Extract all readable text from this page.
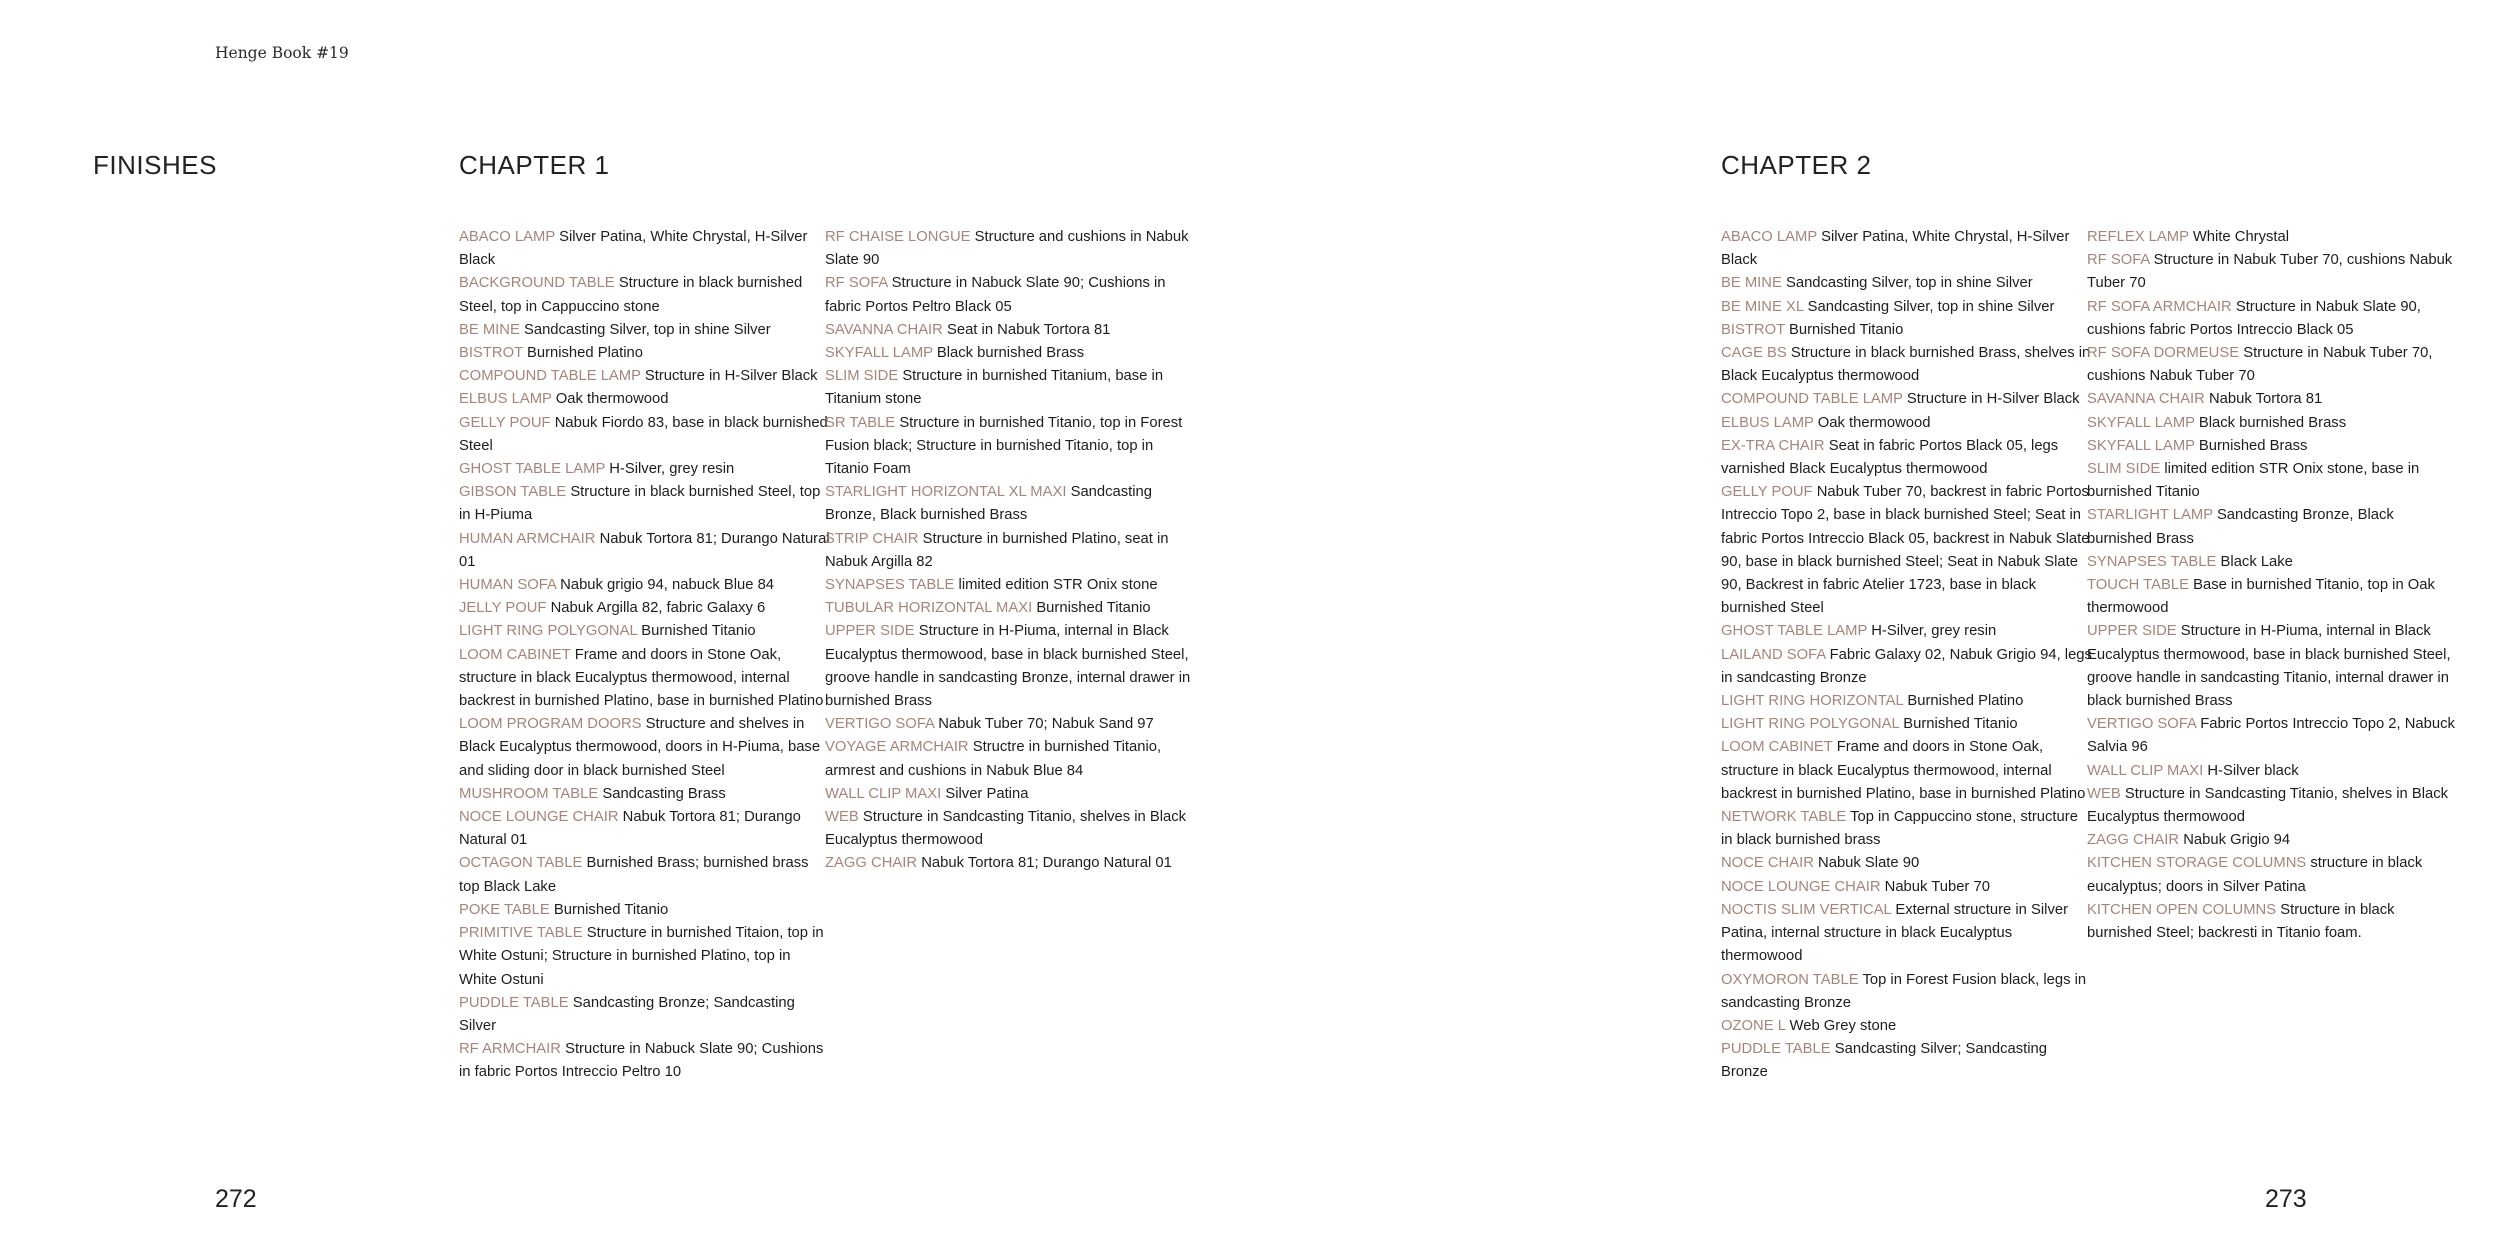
Henge Book #19
FINISHES	CHAPTER 1	CHAPTER 2

ABACO LAMP Silver Patina, White Chrystal, H-Silver Black

BACKGROUND TABLE Structure in black burnished Steel, top in Cappuccino stone

BE MINE Sandcasting Silver, top in shine Silver

BISTROT Burnished Platino

COMPOUND TABLE LAMP Structure in H-Silver Black

ELBUS LAMP Oak thermowood

GELLY POUF Nabuk Fiordo 83, base in black burnished Steel

GHOST TABLE LAMP H-Silver, grey resin

GIBSON TABLE Structure in black burnished Steel, top in H-Piuma

HUMAN ARMCHAIR Nabuk Tortora 81; Durango Natural 01

HUMAN SOFA Nabuk grigio 94, nabuck Blue 84

JELLY POUF Nabuk Argilla 82, fabric Galaxy 6

LIGHT RING POLYGONAL Burnished Titanio

LOOM CABINET Frame and doors in Stone Oak, structure in black Eucalyptus thermowood, internal backrest in burnished Platino, base in burnished Platino

LOOM PROGRAM DOORS Structure and shelves in Black Eucalyptus thermowood, doors in H-Piuma, base and sliding door in black burnished Steel

MUSHROOM TABLE Sandcasting Brass

NOCE LOUNGE CHAIR Nabuk Tortora 81; Durango Natural 01

OCTAGON TABLE Burnished Brass; burnished brass top Black Lake

POKE TABLE Burnished Titanio

PRIMITIVE TABLE Structure in burnished Titaion, top in White Ostuni; Structure in burnished Platino, top in White Ostuni

PUDDLE TABLE Sandcasting Bronze; Sandcasting Silver

RF ARMCHAIR Structure in Nabuck Slate 90; Cushions in fabric Portos Intreccio Peltro 10

RF CHAISE LONGUE Structure and cushions in Nabuk Slate 90

RF SOFA Structure in Nabuck Slate 90; Cushions in fabric Portos Peltro Black 05

SAVANNA CHAIR Seat in Nabuk Tortora 81

SKYFALL LAMP Black burnished Brass

SLIM SIDE Structure in burnished Titanium, base in Titanium stone

SR TABLE Structure in burnished Titanio, top in Forest Fusion black; Structure in burnished Titanio, top in Titanio Foam

STARLIGHT HORIZONTAL XL MAXI Sandcasting Bronze, Black burnished Brass

STRIP CHAIR Structure in burnished Platino, seat in Nabuk Argilla 82

SYNAPSES TABLE limited edition STR Onix stone

TUBULAR HORIZONTAL MAXI Burnished Titanio

UPPER SIDE Structure in H-Piuma, internal in Black Eucalyptus thermowood, base in black burnished Steel, groove handle in sandcasting Bronze, internal drawer in burnished Brass

VERTIGO SOFA Nabuk Tuber 70; Nabuk Sand 97

VOYAGE ARMCHAIR Structre in burnished Titanio, armrest and cushions in Nabuk Blue 84

WALL CLIP MAXI Silver Patina

WEB Structure in Sandcasting Titanio, shelves in Black Eucalyptus thermowood

ZAGG CHAIR Nabuk Tortora 81; Durango Natural 01

ABACO LAMP Silver Patina, White Chrystal, H-Silver Black

BE MINE Sandcasting Silver, top in shine Silver

BE MINE XL Sandcasting Silver, top in shine Silver

BISTROT Burnished Titanio

CAGE BS Structure in black burnished Brass, shelves in Black Eucalyptus thermowood

COMPOUND TABLE LAMP Structure in H-Silver Black

ELBUS LAMP Oak thermowood

EX-TRA CHAIR Seat in fabric Portos Black 05, legs varnished Black Eucalyptus thermowood

GELLY POUF Nabuk Tuber 70, backrest in fabric Portos Intreccio Topo 2, base in black burnished Steel; Seat in fabric Portos Intreccio Black 05, backrest in Nabuk Slate 90, base in black burnished Steel; Seat in Nabuk Slate 90, Backrest in fabric Atelier 1723, base in black burnished Steel

GHOST TABLE LAMP H-Silver, grey resin

LAILAND SOFA Fabric Galaxy 02, Nabuk Grigio 94, legs in sandcasting Bronze

LIGHT RING HORIZONTAL Burnished Platino

LIGHT RING POLYGONAL Burnished Titanio

LOOM CABINET Frame and doors in Stone Oak, structure in black Eucalyptus thermowood, internal backrest in burnished Platino, base in burnished Platino

NETWORK TABLE Top in Cappuccino stone, structure in black burnished brass

NOCE CHAIR Nabuk Slate 90

NOCE LOUNGE CHAIR Nabuk Tuber 70

NOCTIS SLIM VERTICAL External structure in Silver Patina, internal structure in black Eucalyptus thermowood

OXYMORON TABLE Top in Forest Fusion black, legs in sandcasting Bronze

OZONE L Web Grey stone

PUDDLE TABLE Sandcasting Silver; Sandcasting Bronze

REFLEX LAMP White Chrystal

RF SOFA Structure in Nabuk Tuber 70, cushions Nabuk Tuber 70

RF SOFA ARMCHAIR Structure in Nabuk Slate 90, cushions fabric Portos Intreccio Black 05

RF SOFA DORMEUSE Structure in Nabuk Tuber 70, cushions Nabuk Tuber 70

SAVANNA CHAIR Nabuk Tortora 81

SKYFALL LAMP Black burnished Brass

SKYFALL LAMP Burnished Brass

SLIM SIDE limited edition STR Onix stone, base in burnished Titanio

STARLIGHT LAMP Sandcasting Bronze, Black burnished Brass

SYNAPSES TABLE Black Lake

TOUCH TABLE Base in burnished Titanio, top in Oak thermowood

UPPER SIDE Structure in H-Piuma, internal in Black Eucalyptus thermowood, base in black burnished Steel, groove handle in sandcasting Titanio, internal drawer in black burnished Brass

VERTIGO SOFA Fabric Portos Intreccio Topo 2, Nabuck Salvia 96

WALL CLIP MAXI H-Silver black

WEB Structure in Sandcasting Titanio, shelves in Black Eucalyptus thermowood

ZAGG CHAIR Nabuk Grigio 94

KITCHEN STORAGE COLUMNS structure in black eucalyptus; doors in Silver Patina

KITCHEN OPEN COLUMNS Structure in black burnished Steel; backresti in Titanio foam.

272	273
